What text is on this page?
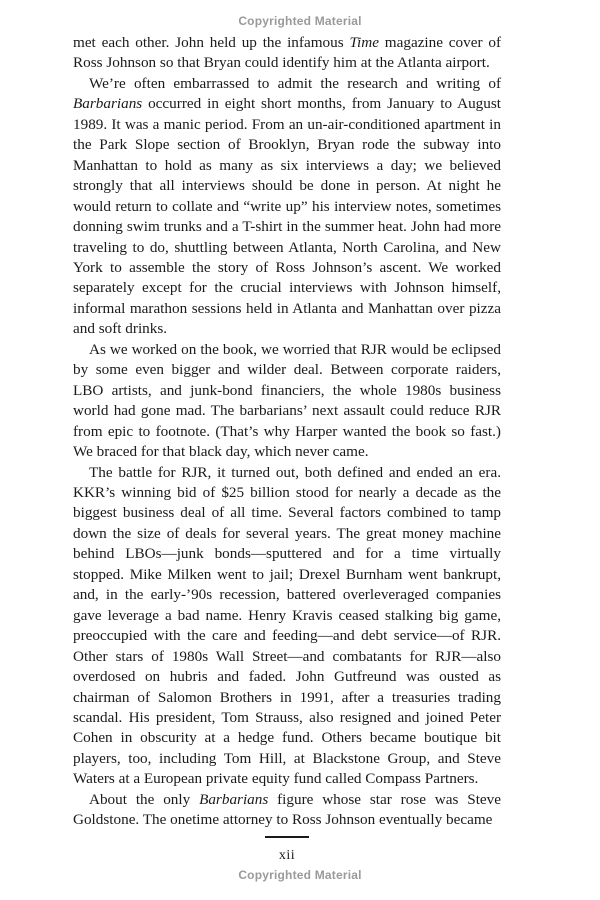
Copyrighted Material

met each other. John held up the infamous Time magazine cover of Ross Johnson so that Bryan could identify him at the Atlanta airport.

We’re often embarrassed to admit the research and writing of Barbarians occurred in eight short months, from January to August 1989. It was a manic period. From an un-air-conditioned apartment in the Park Slope section of Brooklyn, Bryan rode the subway into Manhattan to hold as many as six interviews a day; we believed strongly that all interviews should be done in person. At night he would return to collate and “write up” his interview notes, sometimes donning swim trunks and a T-shirt in the summer heat. John had more traveling to do, shuttling between Atlanta, North Carolina, and New York to assemble the story of Ross Johnson’s ascent. We worked separately except for the crucial interviews with Johnson himself, informal marathon sessions held in Atlanta and Manhattan over pizza and soft drinks.

As we worked on the book, we worried that RJR would be eclipsed by some even bigger and wilder deal. Between corporate raiders, LBO artists, and junk-bond financiers, the whole 1980s business world had gone mad. The barbarians’ next assault could reduce RJR from epic to footnote. (That’s why Harper wanted the book so fast.) We braced for that black day, which never came.

The battle for RJR, it turned out, both defined and ended an era. KKR’s winning bid of $25 billion stood for nearly a decade as the biggest business deal of all time. Several factors combined to tamp down the size of deals for several years. The great money machine behind LBOs—junk bonds—sputtered and for a time virtually stopped. Mike Milken went to jail; Drexel Burnham went bankrupt, and, in the early-’90s recession, battered overleveraged companies gave leverage a bad name. Henry Kravis ceased stalking big game, preoccupied with the care and feeding—and debt service—of RJR. Other stars of 1980s Wall Street—and combatants for RJR—also overdosed on hubris and faded. John Gutfreund was ousted as chairman of Salomon Brothers in 1991, after a treasuries trading scandal. His president, Tom Strauss, also resigned and joined Peter Cohen in obscurity at a hedge fund. Others became boutique bit players, too, including Tom Hill, at Blackstone Group, and Steve Waters at a European private equity fund called Compass Partners.

About the only Barbarians figure whose star rose was Steve Goldstone. The onetime attorney to Ross Johnson eventually became

xii
Copyrighted Material
